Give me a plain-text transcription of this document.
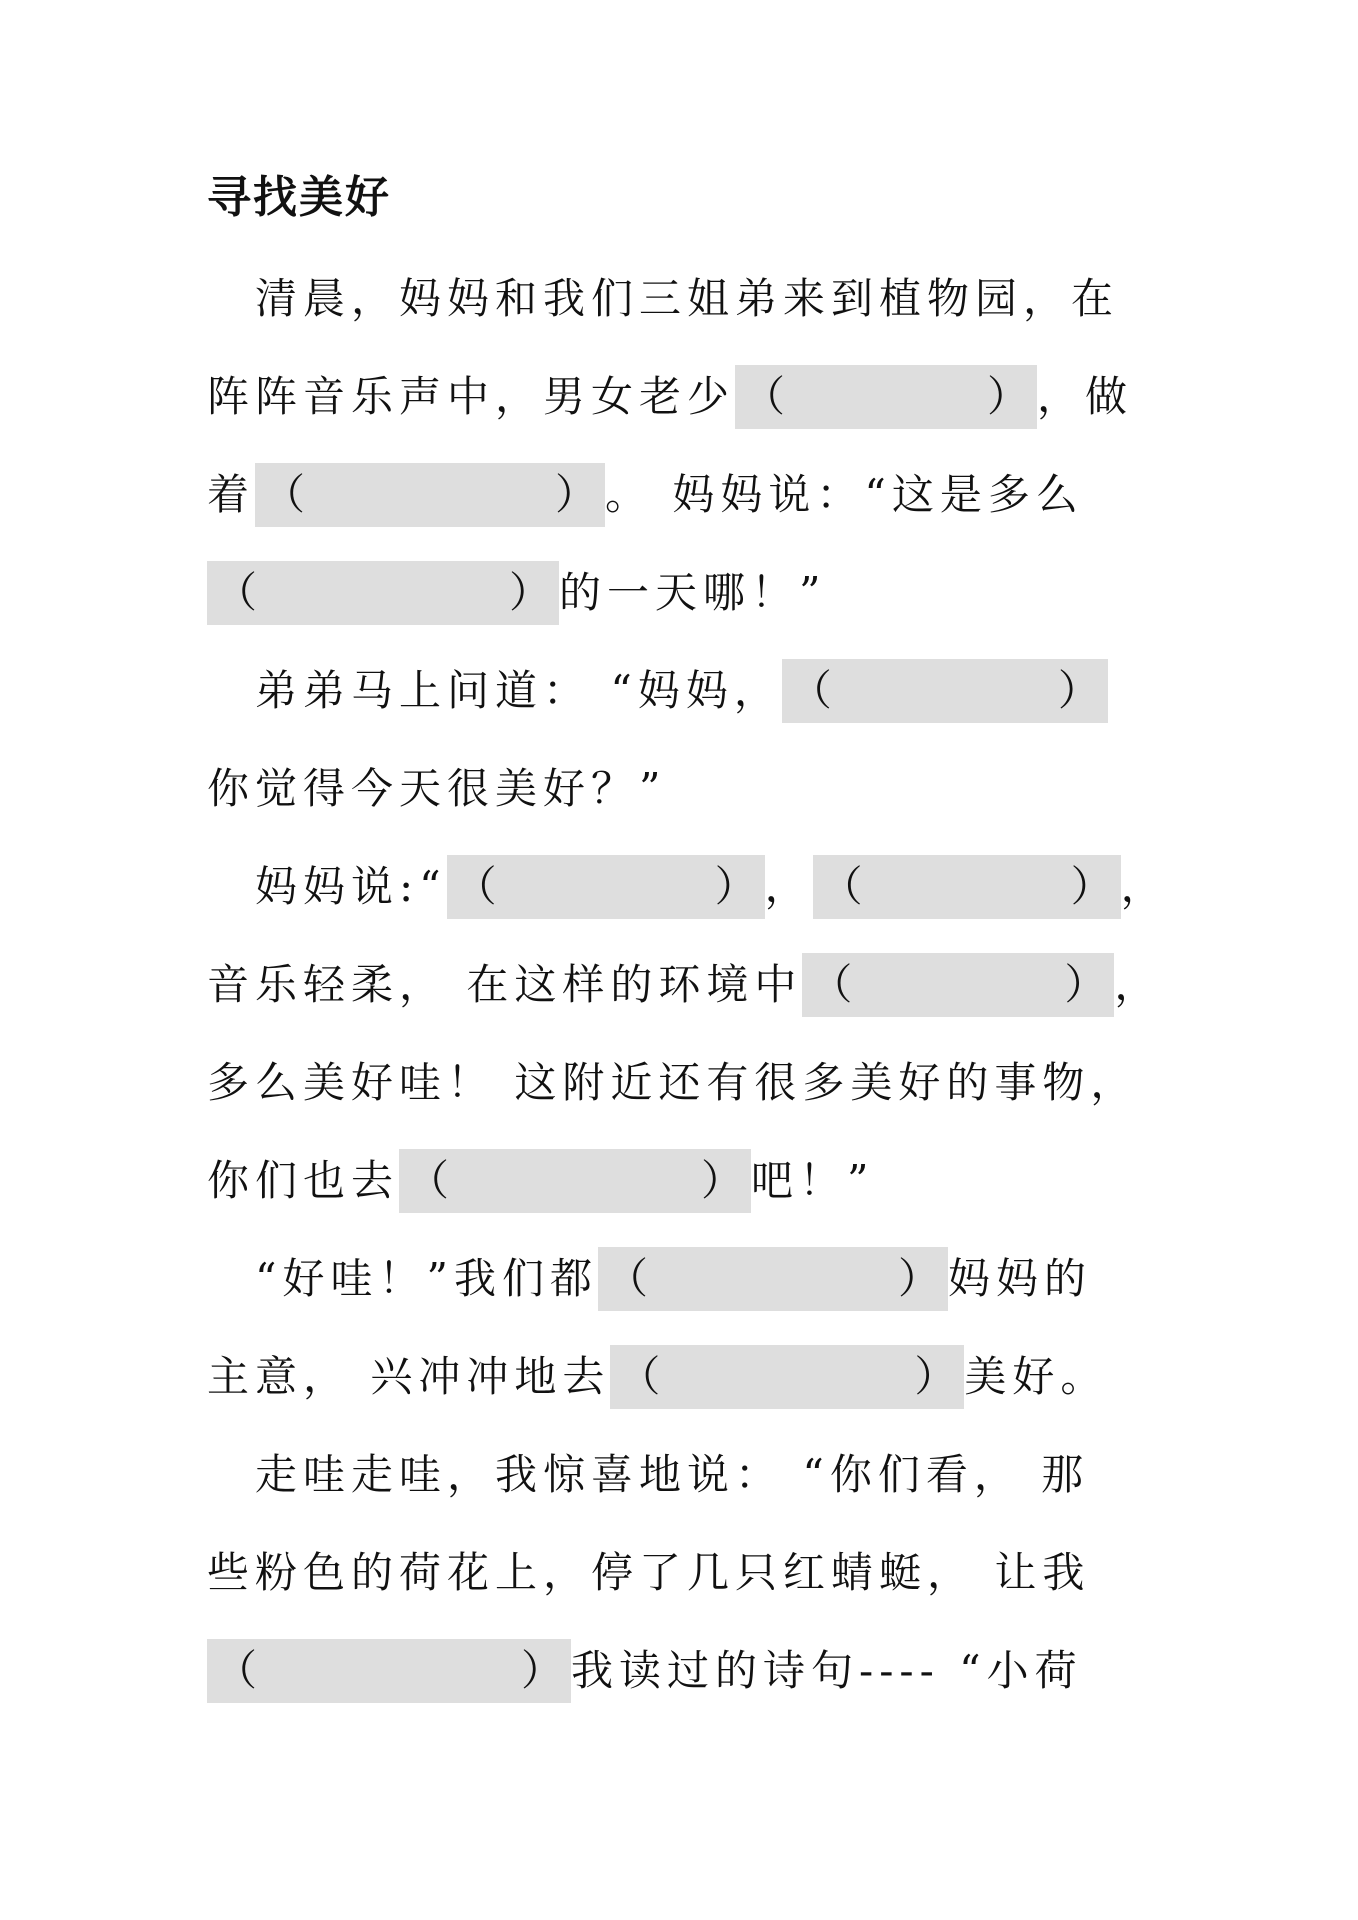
寻找美好
　清晨，妈妈和我们三姐弟来到植物园，在
阵阵音乐声中，男女老少 （	） ，做
着 （	） 。 妈妈说：“这是多么
（	） 的一天哪！”
　弟弟马上问道： “妈妈， （	）
你觉得今天很美好？”
　妈妈说:“ （	） ， （	） ，
音乐轻柔， 在这样的环境中 （	） ，
多么美好哇！ 这附近还有很多美好的事物，
你们也去 （	） 吧！”
　“好哇！”我们都 （	） 妈妈的
主意， 兴冲冲地去 （	） 美好。
　走哇走哇，我惊喜地说： “你们看， 那
些粉色的荷花上，停了几只红蜻蜓， 让我
（	） 我读过的诗句---- “小荷
